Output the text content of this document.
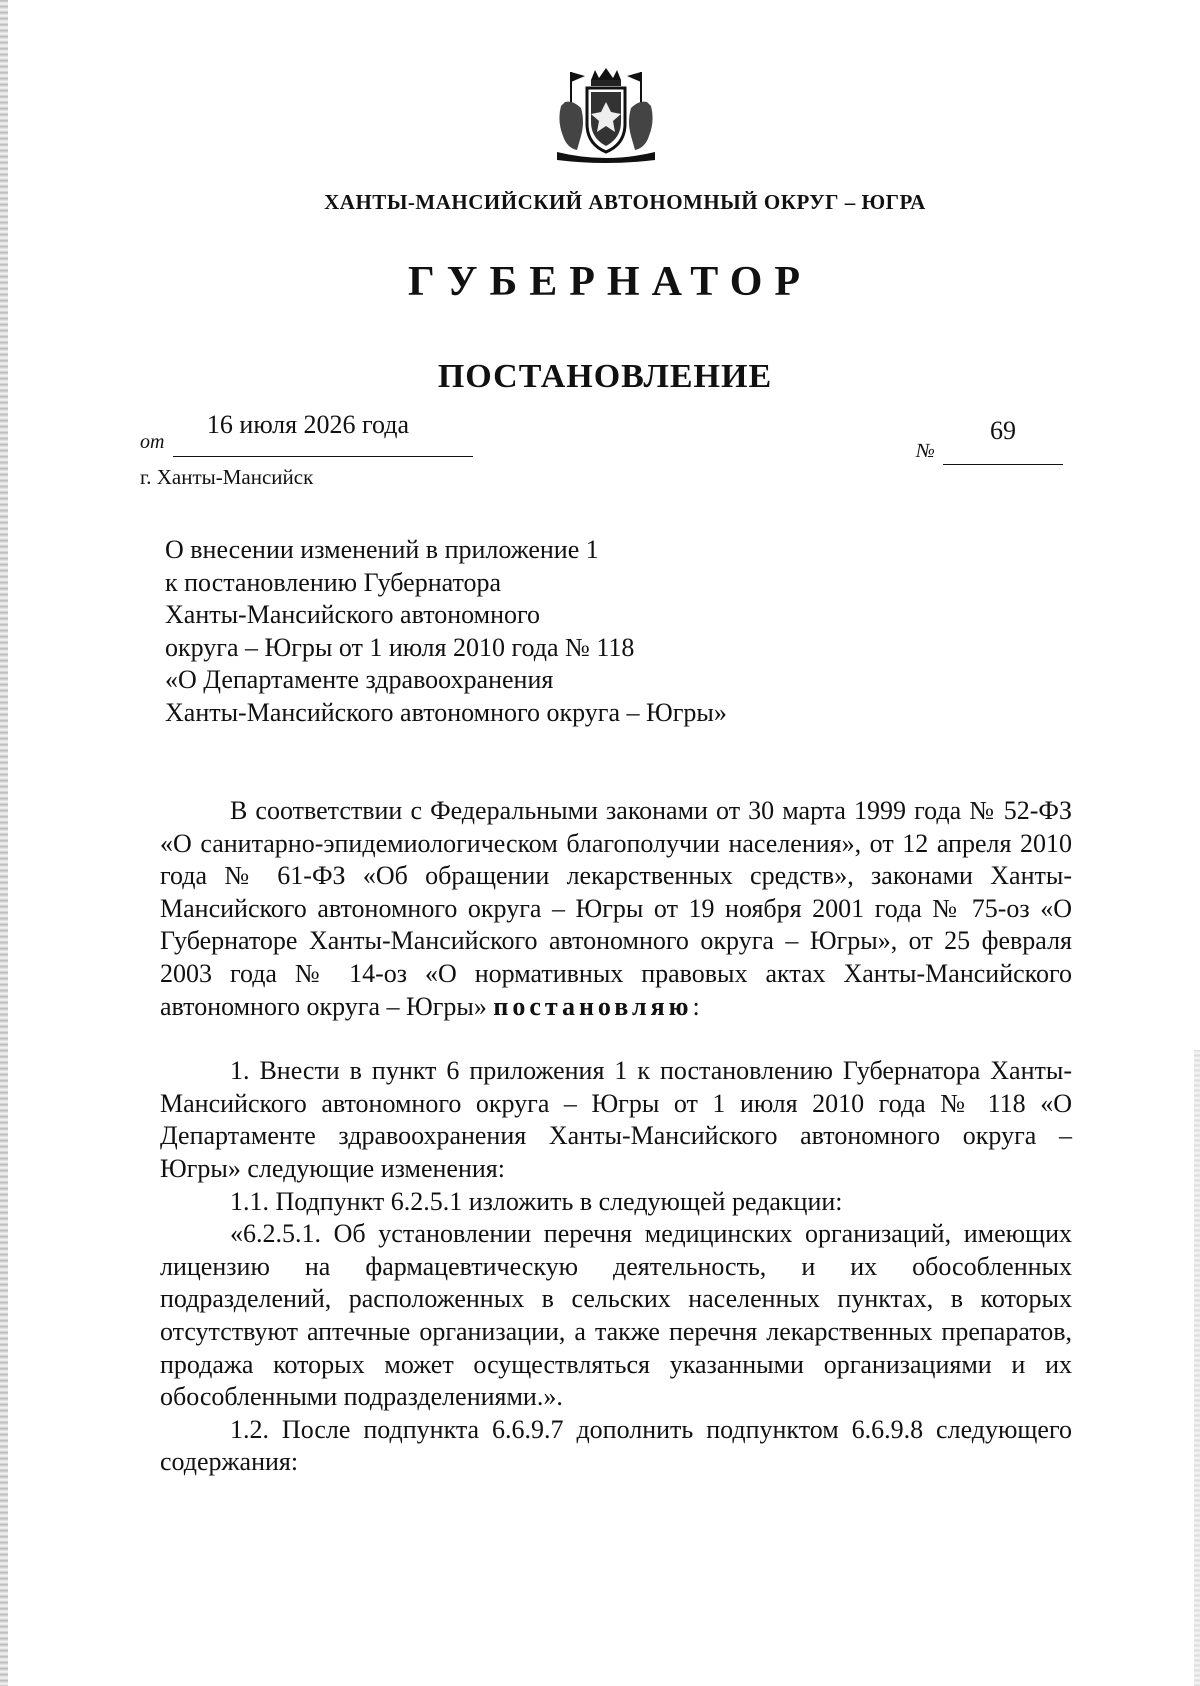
ХАНТЫ-МАНСИЙСКИЙ АВТОНОМНЫЙ ОКРУГ – ЮГРА
ГУБЕРНАТОР
ПОСТАНОВЛЕНИЕ
от
16 июля 2026 года
№
69
г. Ханты-Мансийск
О внесении изменений в приложение 1
к постановлению Губернатора
Ханты-Мансийского автономного
округа – Югры от 1 июля 2010 года № 118
«О Департаменте здравоохранения
Ханты-Мансийского автономного округа – Югры»

В соответствии с Федеральными законами от 30 марта 1999 года № 52-ФЗ «О санитарно-эпидемиологическом благополучии населения», от 12 апреля 2010 года № 61-ФЗ «Об обращении лекарственных средств», законами Ханты-Мансийского автономного округа – Югры от 19 ноября 2001 года № 75-оз «О Губернаторе Ханты-Мансийского автономного округа – Югры», от 25 февраля 2003 года № 14-оз «О нормативных правовых актах Ханты-Мансийского автономного округа – Югры» постановляю:

1. Внести в пункт 6 приложения 1 к постановлению Губернатора Ханты-Мансийского автономного округа – Югры от 1 июля 2010 года № 118 «О Департаменте здравоохранения Ханты-Мансийского автономного округа – Югры» следующие изменения:

1.1. Подпункт 6.2.5.1 изложить в следующей редакции:

«6.2.5.1. Об установлении перечня медицинских организаций, имеющих лицензию на фармацевтическую деятельность, и их обособленных подразделений, расположенных в сельских населенных пунктах, в которых отсутствуют аптечные организации, а также перечня лекарственных препаратов, продажа которых может осуществляться указанными организациями и их обособленными подразделениями.».

1.2. После подпункта 6.6.9.7 дополнить подпунктом 6.6.9.8 следующего содержания:
